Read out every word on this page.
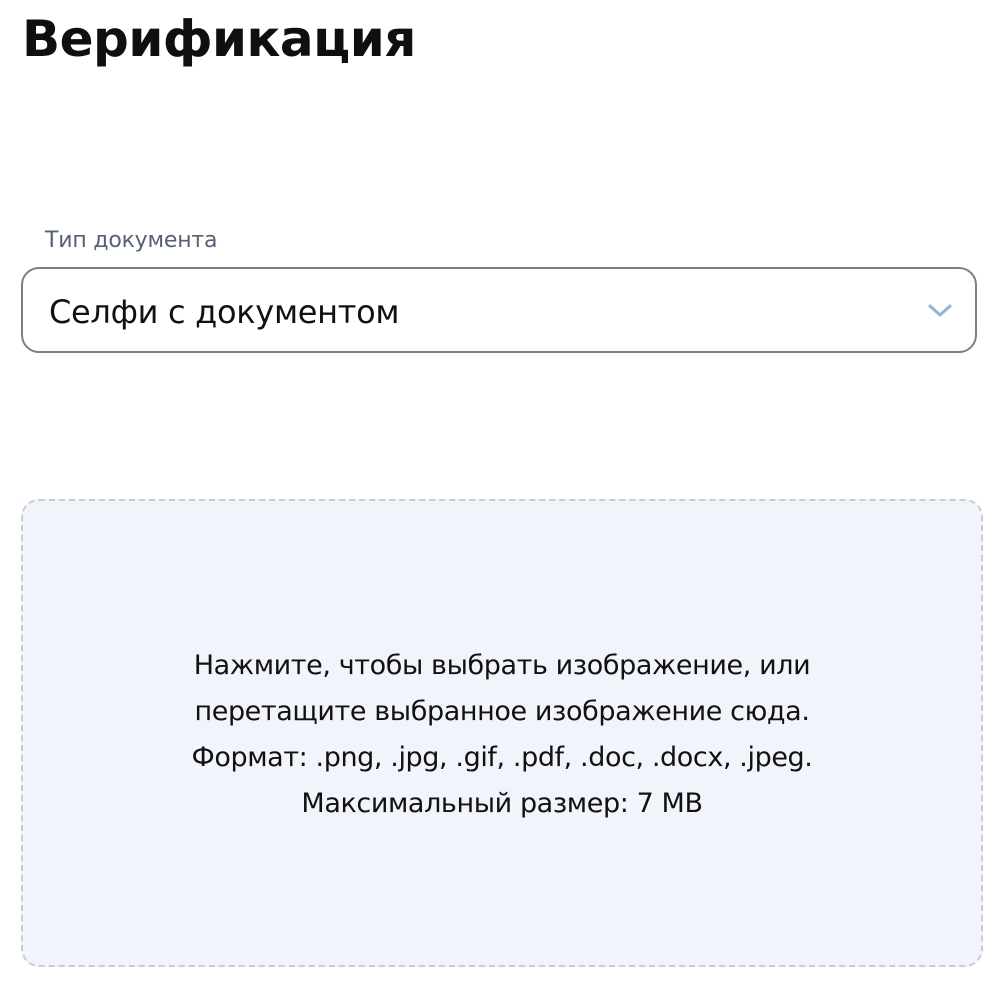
Верификация
Тип документа
Селфи с документом
Нажмите, чтобы выбрать изображение, или
перетащите выбранное изображение сюда.
Формат: .png, .jpg, .gif, .pdf, .doc, .docx, .jpeg.
Максимальный размер: 7 MB
